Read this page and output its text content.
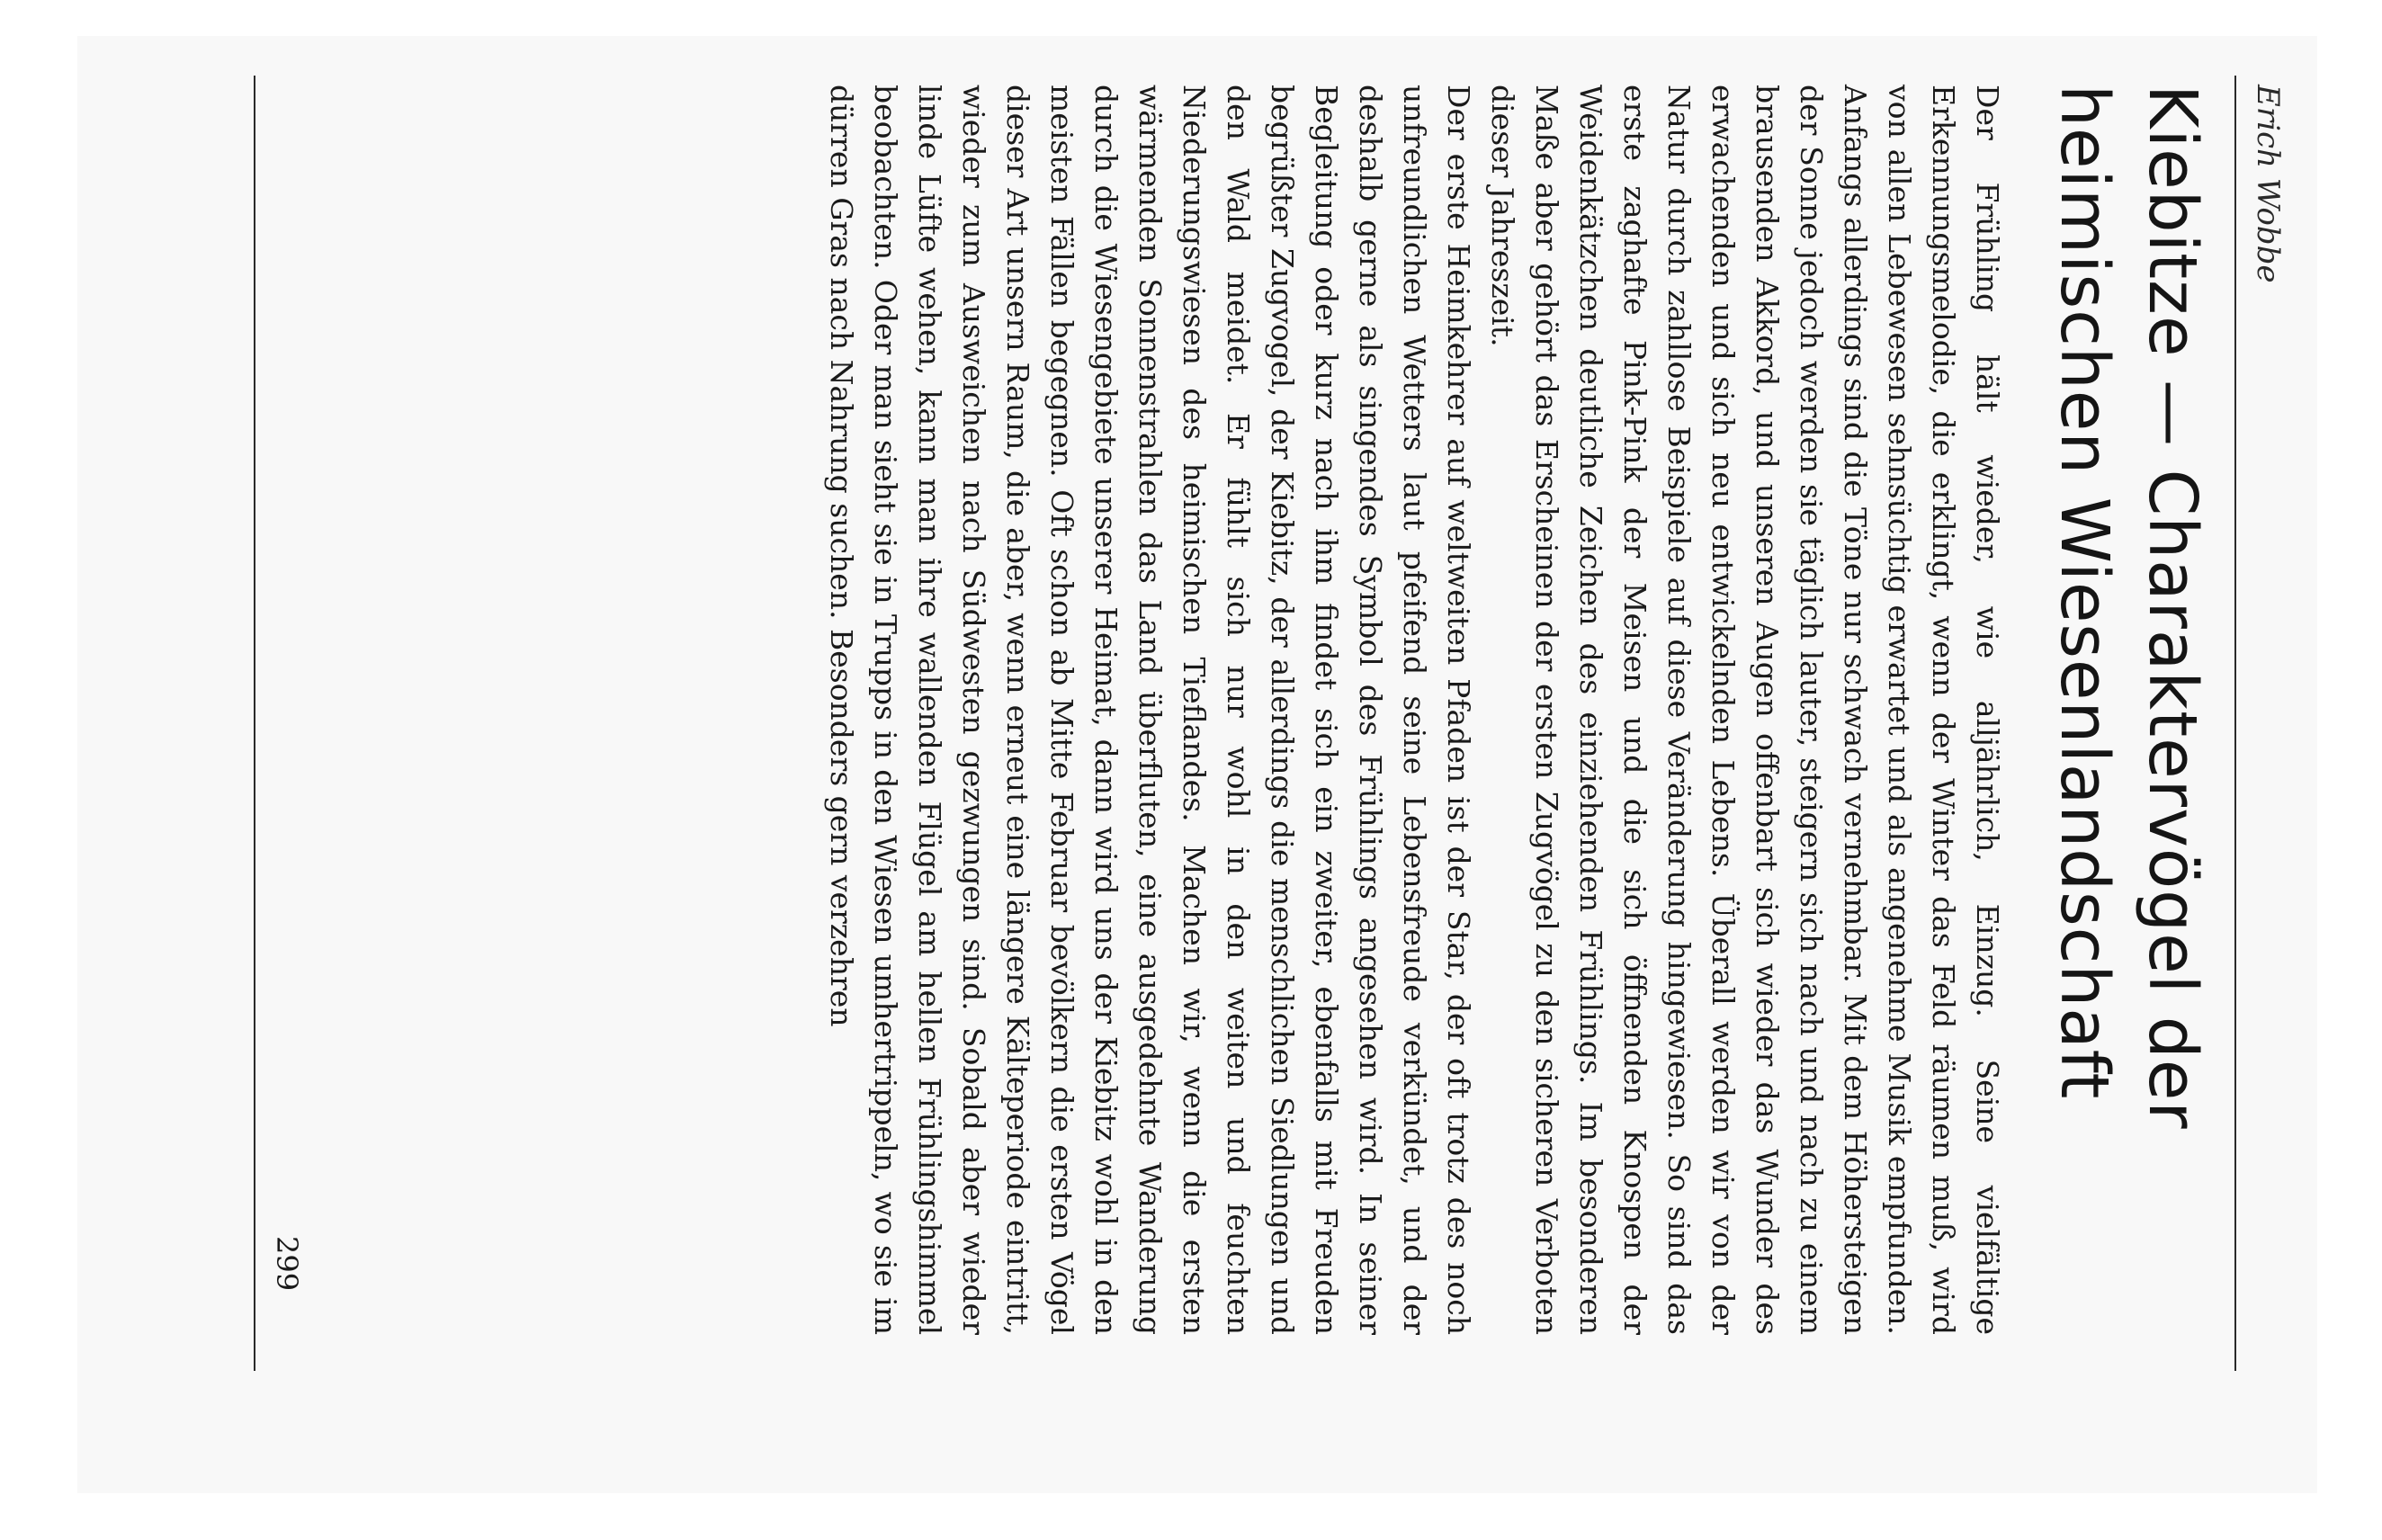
Erich Wobbe
Kiebitze — Charaktervögel der
heimischen Wiesenlandschaft

Der Frühling hält wieder, wie alljährlich, Einzug. Seine vielfältige Erkennungsmelodie, die erklingt, wenn der Winter das Feld räumen muß, wird von allen Lebewesen sehnsüchtig erwartet und als angenehme Musik empfunden. Anfangs allerdings sind die Töne nur schwach vernehmbar. Mit dem Höhersteigen der Sonne jedoch werden sie täglich lauter, steigern sich nach und nach zu einem brausenden Akkord, und unseren Augen offenbart sich wieder das Wunder des erwachenden und sich neu entwickelnden Lebens. Überall werden wir von der Natur durch zahllose Beispiele auf diese Veränderung hingewiesen. So sind das erste zaghafte Pink-Pink der Meisen und die sich öffnenden Knospen der Weidenkätzchen deutliche Zeichen des einziehenden Frühlings. Im besonderen Maße aber gehört das Erscheinen der ersten Zugvögel zu den sicheren Verboten dieser Jahreszeit.

Der erste Heimkehrer auf weltweiten Pfaden ist der Star, der oft trotz des noch unfreundlichen Wetters laut pfeifend seine Lebensfreude verkündet, und der deshalb gerne als singendes Symbol des Frühlings angesehen wird. In seiner Begleitung oder kurz nach ihm findet sich ein zweiter, ebenfalls mit Freuden begrüßter Zugvogel, der Kiebitz, der allerdings die menschlichen Siedlungen und den Wald meidet. Er fühlt sich nur wohl in den weiten und feuchten Niederungswiesen des heimischen Tieflandes. Machen wir, wenn die ersten wärmenden Sonnenstrahlen das Land überfluten, eine ausgedehnte Wanderung durch die Wiesengebiete unserer Heimat, dann wird uns der Kiebitz wohl in den meisten Fällen begegnen. Oft schon ab Mitte Februar bevölkern die ersten Vögel dieser Art unsern Raum, die aber, wenn erneut eine längere Kälteperiode eintritt, wieder zum Ausweichen nach Südwesten gezwungen sind. Sobald aber wieder linde Lüfte wehen, kann man ihre wallenden Flügel am hellen Frühlingshimmel beobachten. Oder man sieht sie in Trupps in den Wiesen umhertrippeln, wo sie im dürren Gras nach Nahrung suchen. Besonders gern verzehren

299
